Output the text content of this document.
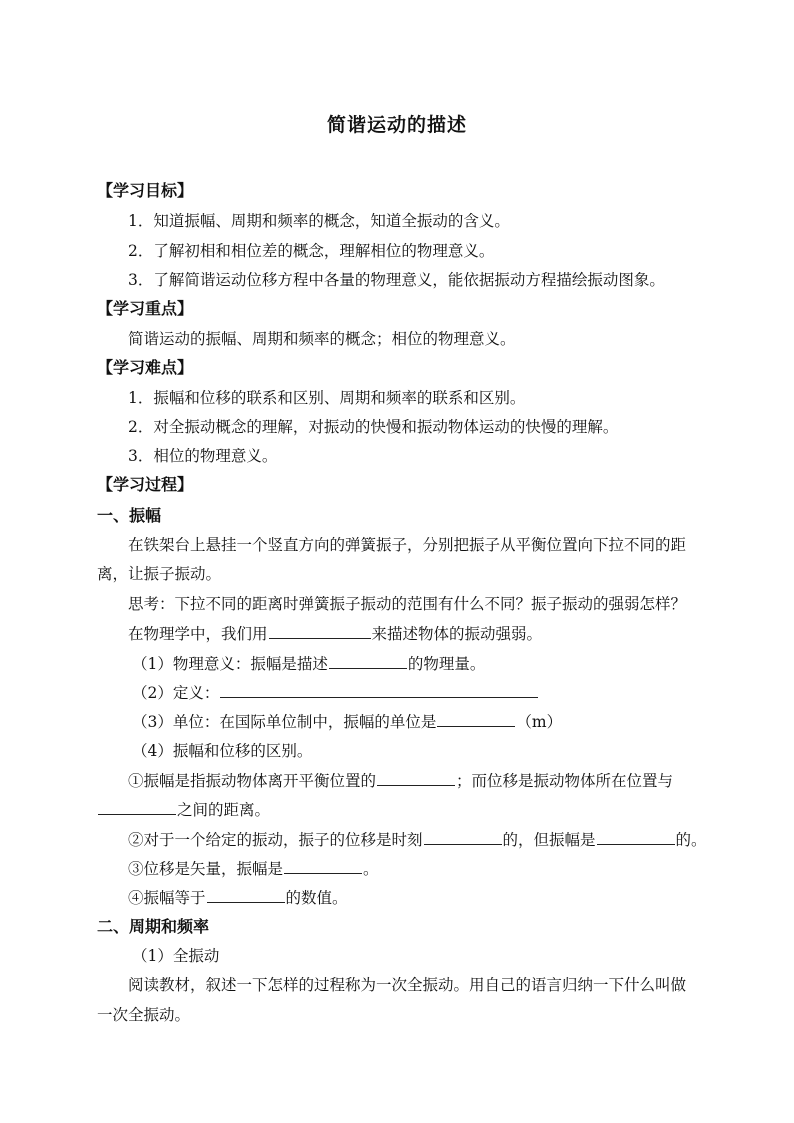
简谐运动的描述
【学习目标】
1．知道振幅、周期和频率的概念，知道全振动的含义。
2．了解初相和相位差的概念，理解相位的物理意义。
3．了解简谐运动位移方程中各量的物理意义，能依据振动方程描绘振动图象。
【学习重点】
简谐运动的振幅、周期和频率的概念；相位的物理意义。
【学习难点】
1．振幅和位移的联系和区别、周期和频率的联系和区别。
2．对全振动概念的理解，对振动的快慢和振动物体运动的快慢的理解。
3．相位的物理意义。
【学习过程】
一、振幅
在铁架台上悬挂一个竖直方向的弹簧振子，分别把振子从平衡位置向下拉不同的距
离，让振子振动。
思考：下拉不同的距离时弹簧振子振动的范围有什么不同？振子振动的强弱怎样？
在物理学中，我们用	来描述物体的振动强弱。
（1）物理意义：振幅是描述	的物理量。
（2）定义：
（3）单位：在国际单位制中，振幅的单位是	（m）
（4）振幅和位移的区别。
①振幅是指振动物体离开平衡位置的	；而位移是振动物体所在位置与
之间的距离。
②对于一个给定的振动，振子的位移是时刻	的，但振幅是	的。
③位移是矢量，振幅是	。
④振幅等于	的数值。
二、周期和频率
（1）全振动
阅读教材，叙述一下怎样的过程称为一次全振动。用自己的语言归纳一下什么叫做
一次全振动。
